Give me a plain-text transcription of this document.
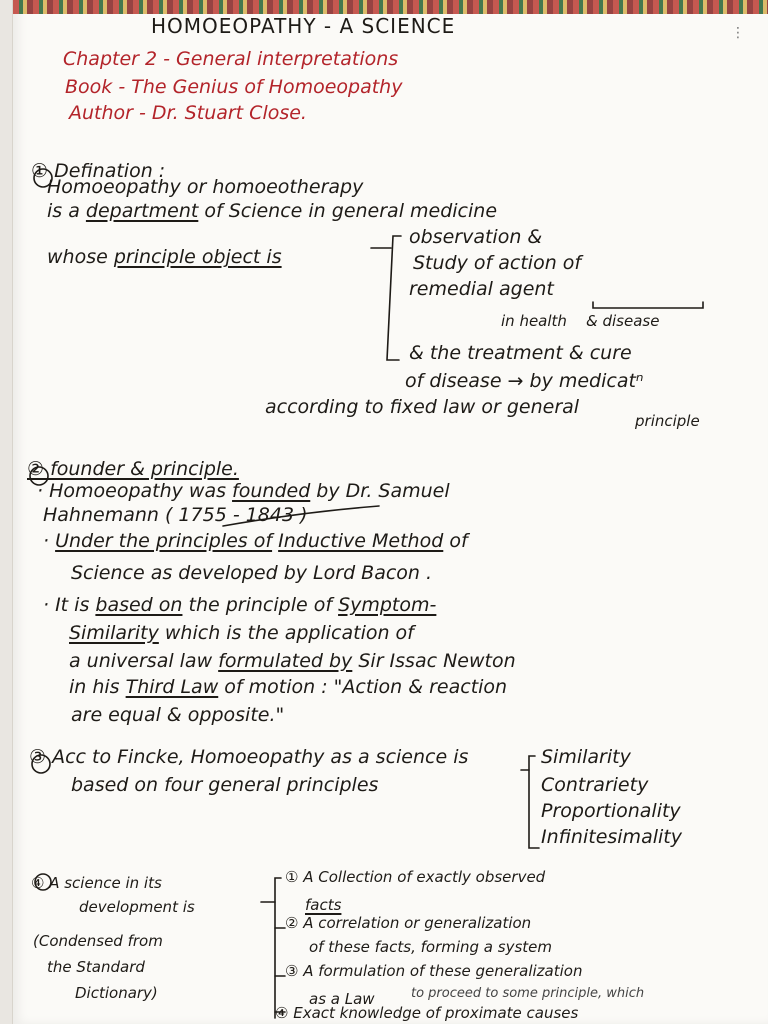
⋮
HOMOEOPATHY - A SCIENCE
Chapter 2 - General interpretations
Book - The Genius of Homoeopathy
Author - Dr. Stuart Close.
① Defination :
Homoeopathy or homoeotherapy
is a department of Science in general medicine
whose principle object is
observation &
Study of action of
remedial agent
in health & disease
& the treatment & cure
of disease → by medicatⁿ
according to fixed law or general
principle
② founder & principle.
· Homoeopathy was founded by Dr. Samuel
Hahnemann ( 1755 - 1843 )
· Under the principles of Inductive Method of
Science as developed by Lord Bacon .
· It is based on the principle of Symptom-
Similarity which is the application of
a universal law formulated by Sir Issac Newton
in his Third Law of motion : "Action & reaction
are equal & opposite."
③ Acc to Fincke, Homoeopathy as a science is
based on four general principles
Similarity
Contrariety
Proportionality
Infinitesimality
④ A science in its
development is
(Condensed from
the Standard
Dictionary)
① A Collection of exactly observed
facts
② A correlation or generalization
of these facts, forming a system
③ A formulation of these generalization
as a Law	to proceed to some principle, which
④ Exact knowledge of proximate causes
